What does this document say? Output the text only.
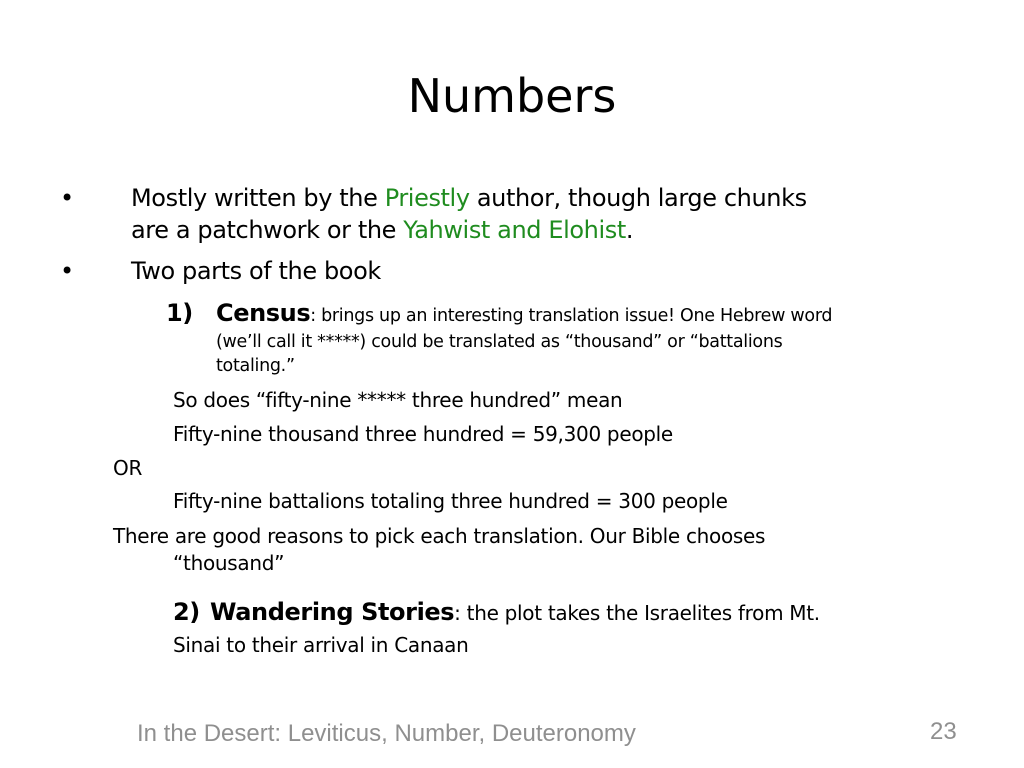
Numbers
• Mostly written by the Priestly author, though large chunks
are a patchwork or the Yahwist and Elohist.
• Two parts of the book
1) Census: brings up an interesting translation issue! One Hebrew word
(we’ll call it *****) could be translated as “thousand” or “battalions
totaling.”
So does “fifty-nine ***** three hundred” mean
Fifty-nine thousand three hundred = 59,300 people
OR
Fifty-nine battalions totaling three hundred = 300 people
There are good reasons to pick each translation. Our Bible chooses
“thousand”
2) Wandering Stories: the plot takes the Israelites from Mt.
Sinai to their arrival in Canaan
In the Desert: Leviticus, Number, Deuteronomy	23
